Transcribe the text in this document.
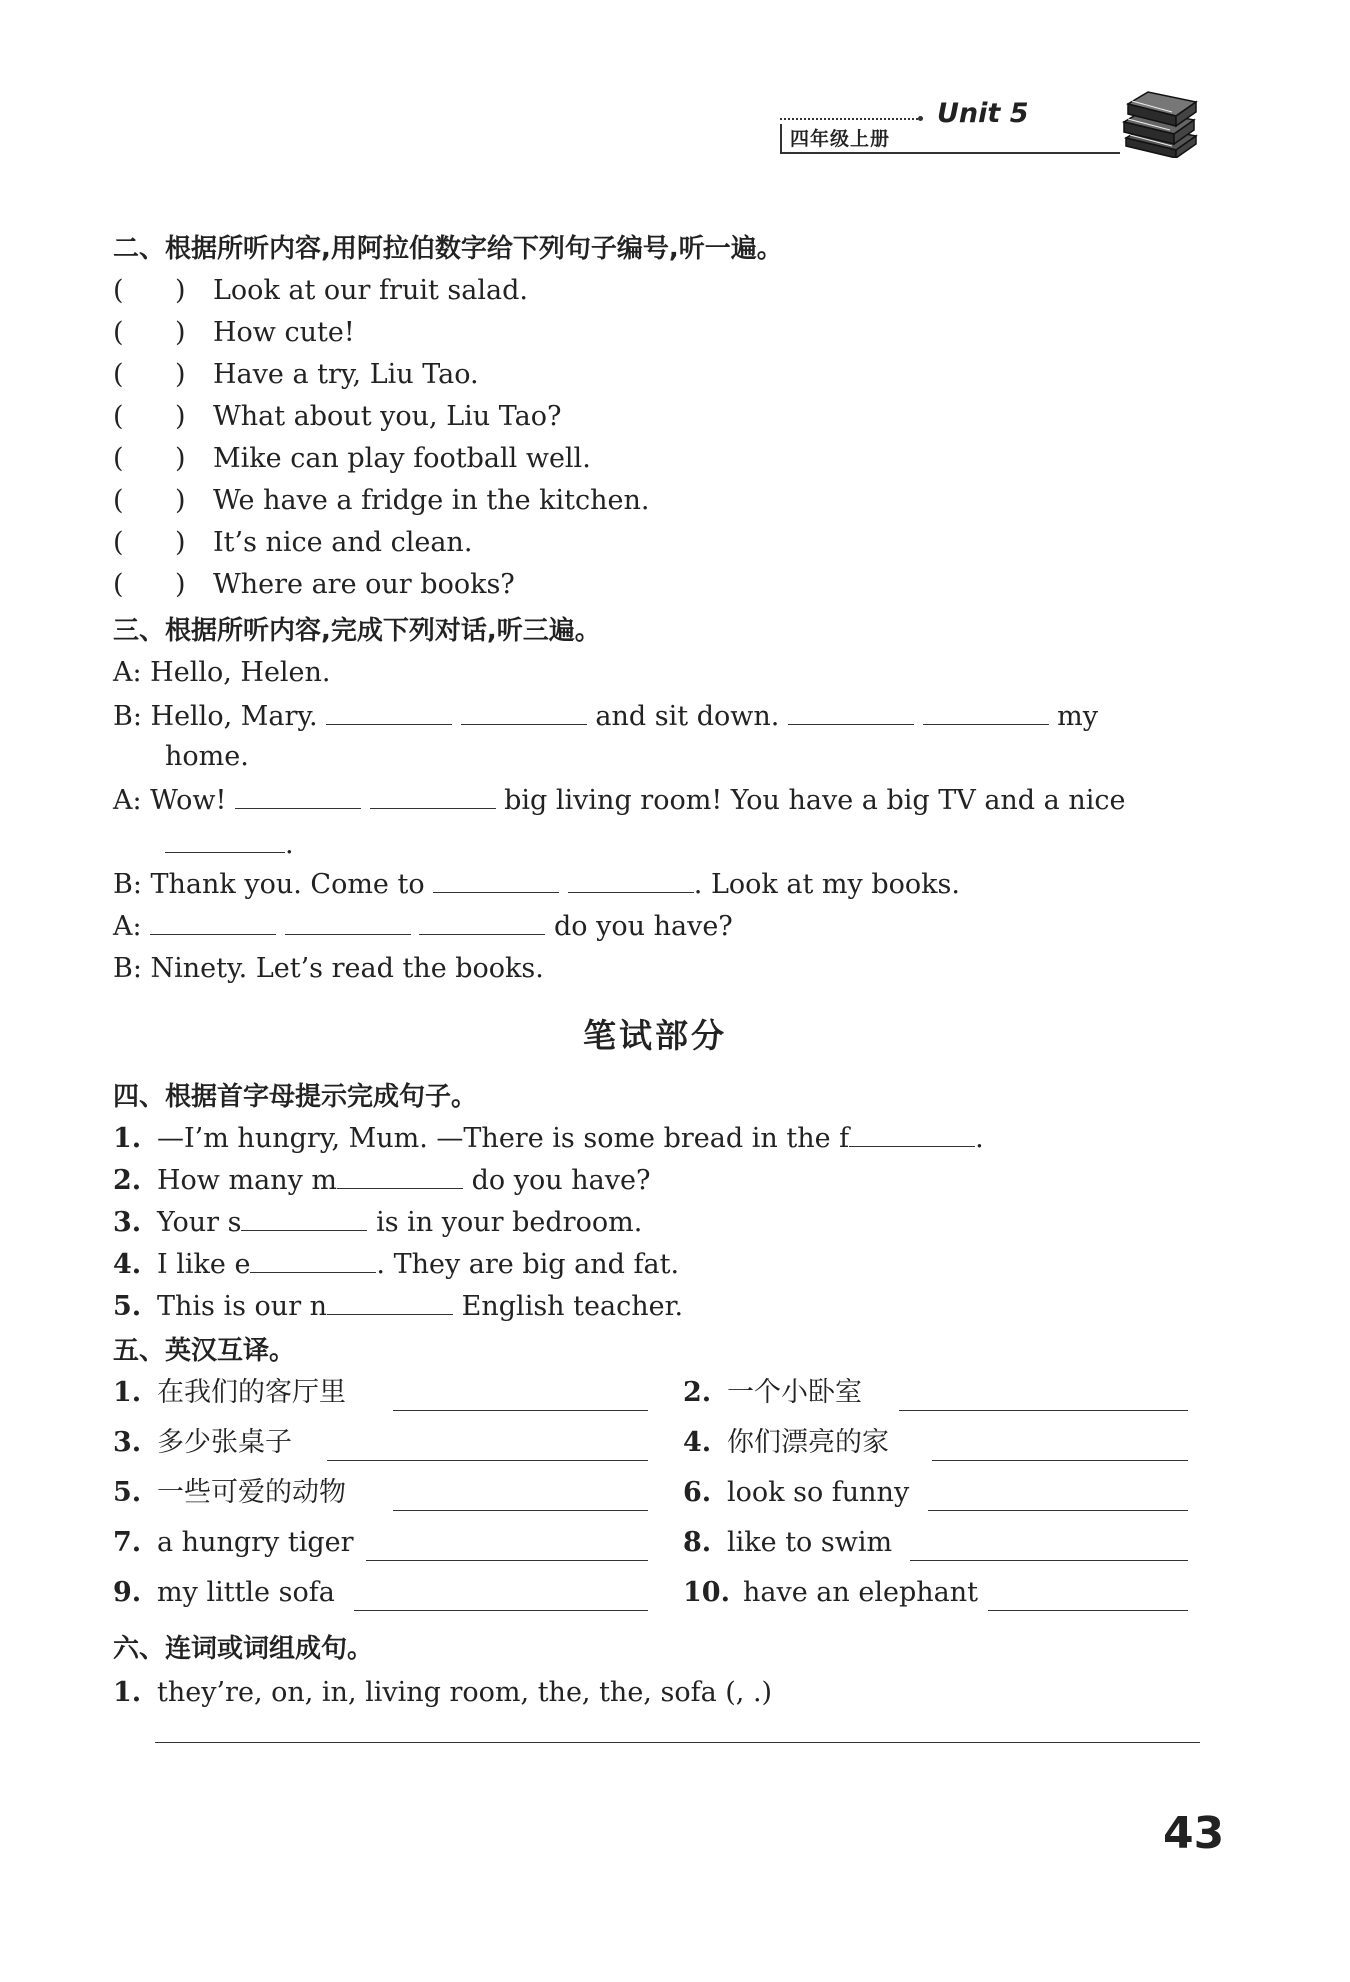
四年级上册
Unit 5
二、根据所听内容,用阿拉伯数字给下列句子编号,听一遍。
(      ) Look at our fruit salad.
(      ) How cute!
(      ) Have a try, Liu Tao.
(      ) What about you, Liu Tao?
(      ) Mike can play football well.
(      ) We have a fridge in the kitchen.
(      ) It’s nice and clean.
(      ) Where are our books?
三、根据所听内容,完成下列对话,听三遍。
A: Hello, Helen.
B: Hello, Mary.	and sit down.	my
home.
A: Wow!	big living room! You have a big TV and a nice
.
B: Thank you. Come to	. Look at my books.
A:	do you have?
B: Ninety. Let’s read the books.
笔试部分
四、根据首字母提示完成句子。
1. —I’m hungry, Mum. —There is some bread in the f	.
2. How many m	do you have?
3. Your s	is in your bedroom.
4. I like e	. They are big and fat.
5. This is our n	English teacher.
五、英汉互译。
1. 在我们的客厅里	2. 一个小卧室
3. 多少张桌子	4. 你们漂亮的家
5. 一些可爱的动物	6. look so funny
7. a hungry tiger	8. like to swim
9. my little sofa	10. have an elephant
六、连词或词组成句。
1. they’re, on, in, living room, the, the, sofa (, .)
43
